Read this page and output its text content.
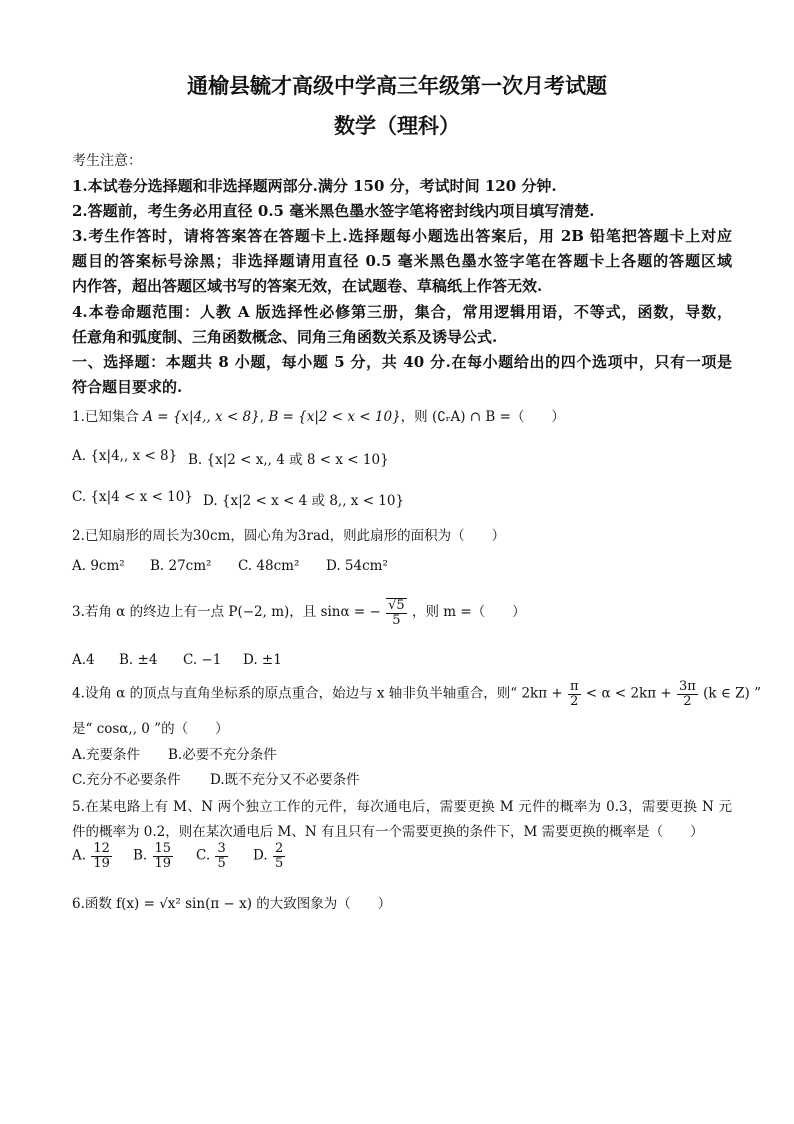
通榆县毓才高级中学高三年级第一次月考试题
数学（理科）

考生注意：

1.本试卷分选择题和非选择题两部分.满分 150 分，考试时间 120 分钟.

2.答题前，考生务必用直径 0.5 毫米黑色墨水签字笔将密封线内项目填写清楚.

3.考生作答时，请将答案答在答题卡上.选择题每小题选出答案后，用 2B 铅笔把答题卡上对应

题目的答案标号涂黑；非选择题请用直径 0.5 毫米黑色墨水签字笔在答题卡上各题的答题区域

内作答，超出答题区域书写的答案无效，在试题卷、草稿纸上作答无效.

4.本卷命题范围：人教 A 版选择性必修第三册，集合，常用逻辑用语，不等式，函数，导数，

任意角和弧度制、三角函数概念、同角三角函数关系及诱导公式.

一、选择题：本题共 8 小题，每小题 5 分，共 40 分.在每小题给出的四个选项中，只有一项是

符合题目要求的.

1.已知集合 A = {x|4,, x < 8}, B = {x|2 < x < 10}，则 (∁ᵣA) ∩ B =（　　）

A. {x|4,, x < 8} B. {x|2 < x,, 4 或 8 < x < 10}
C. {x|4 < x < 10} D. {x|2 < x < 4 或 8,, x < 10}

2.已知扇形的周长为30cm，圆心角为3rad，则此扇形的面积为（　　）

A. 9cm² B. 27cm² C. 48cm² D. 54cm²

3.若角 α 的终边上有一点 P(−2, m)，且 sinα = − $\frac{√5}{5}$ ，则 m =（　　）

A.4 B. ±4 C. −1 D. ±1

4.设角 α 的顶点与直角坐标系的原点重合，始边与 x 轴非负半轴重合，则“ $2k\pi + \frac{\pi}{2} < \alpha < 2k\pi + \frac{3\pi}{2} (k$ ∈ Z) ”

是“ cosα,, 0 ”的（　　）

A.充要条件 B.必要不充分条件
C.充分不必要条件 D.既不充分又不必要条件

5.在某电路上有 M、N 两个独立工作的元件，每次通电后，需要更换 M 元件的概率为 0.3，需要更换 N 元

件的概率为 0.2，则在某次通电后 M、N 有且只有一个需要更换的条件下，M 需要更换的概率是（　　）

A. $\frac{12}{19} B$. $\frac{15}{19} C$. $\frac{3}{5} D$. $\frac{2}{5}$

6.函数 f(x) = √x² sin(π − x) 的大致图象为（　　）
